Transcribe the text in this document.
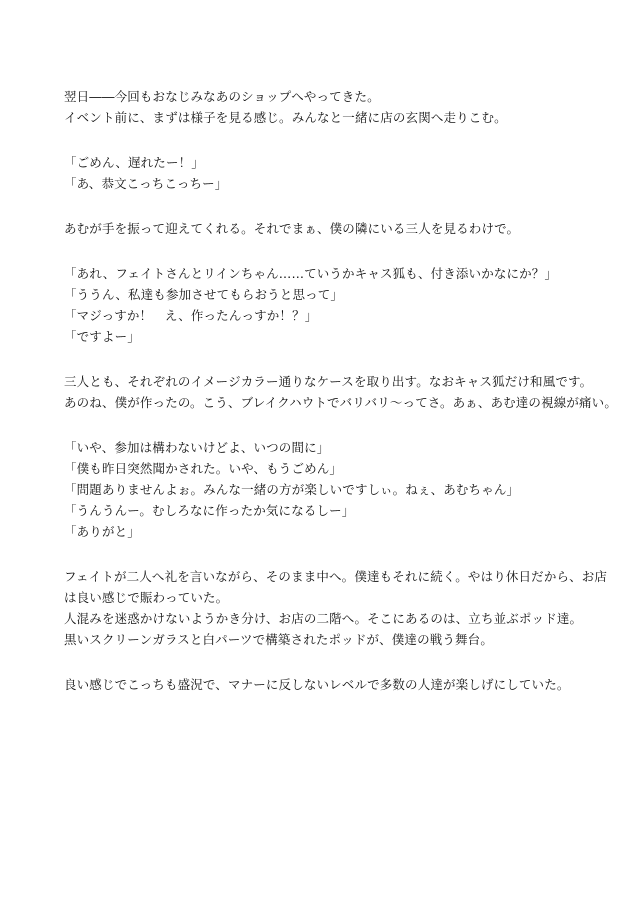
翌日――今回もおなじみなあのショップへやってきた。
イベント前に、まずは様子を見る感じ。みんなと一緒に店の玄関へ走りこむ。
「ごめん、遅れたー！」
「あ、恭文こっちこっちー」
あむが手を振って迎えてくれる。それでまぁ、僕の隣にいる三人を見るわけで。
「あれ、フェイトさんとリインちゃん……ていうかキャス狐も、付き添いかなにか？」
「ううん、私達も参加させてもらおうと思って」
「マジっすか！　え、作ったんっすか！？」
「ですよー」
三人とも、それぞれのイメージカラー通りなケースを取り出す。なおキャス狐だけ和風です。
あのね、僕が作ったの。こう、ブレイクハウトでバリバリ～ってさ。あぁ、あむ達の視線が痛い。
「いや、参加は構わないけどよ、いつの間に」
「僕も昨日突然聞かされた。いや、もうごめん」
「問題ありませんよぉ。みんな一緒の方が楽しいですしぃ。ねぇ、あむちゃん」
「うんうんー。むしろなに作ったか気になるしー」
「ありがと」
フェイトが二人へ礼を言いながら、そのまま中へ。僕達もそれに続く。やはり休日だから、お店
は良い感じで賑わっていた。
人混みを迷惑かけないようかき分け、お店の二階へ。そこにあるのは、立ち並ぶポッド達。
黒いスクリーンガラスと白パーツで構築されたポッドが、僕達の戦う舞台。
良い感じでこっちも盛況で、マナーに反しないレベルで多数の人達が楽しげにしていた。
